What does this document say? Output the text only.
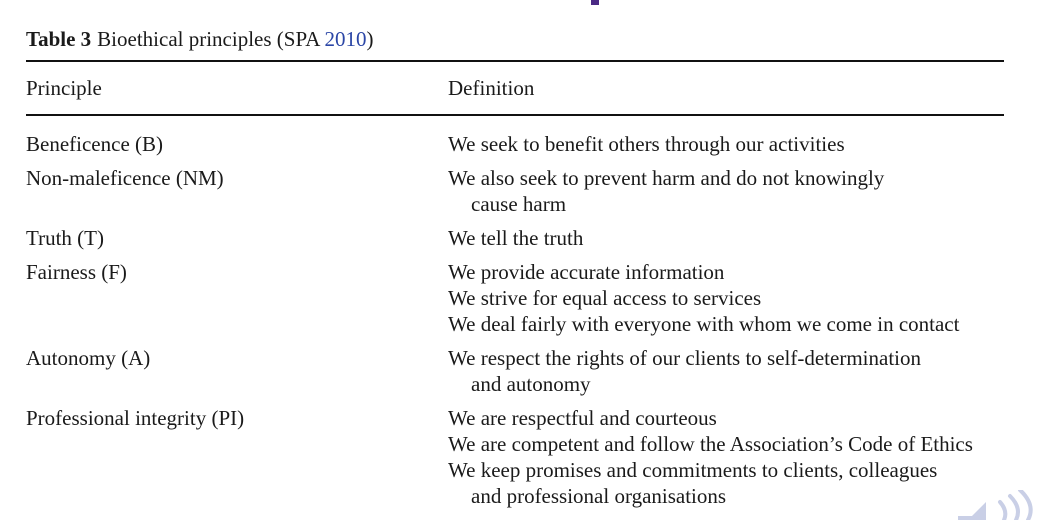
Table 3 Bioethical principles (SPA 2010)
Principle	Definition
Beneficence (B)	We seek to benefit others through our activities
Non-maleficence (NM)	We also seek to prevent harm and do not knowingly
cause harm
Truth (T)	We tell the truth
Fairness (F)	We provide accurate information
We strive for equal access to services
We deal fairly with everyone with whom we come in contact
Autonomy (A)	We respect the rights of our clients to self-determination
and autonomy
Professional integrity (PI)	We are respectful and courteous
We are competent and follow the Association’s Code of Ethics
We keep promises and commitments to clients, colleagues
and professional organisations
